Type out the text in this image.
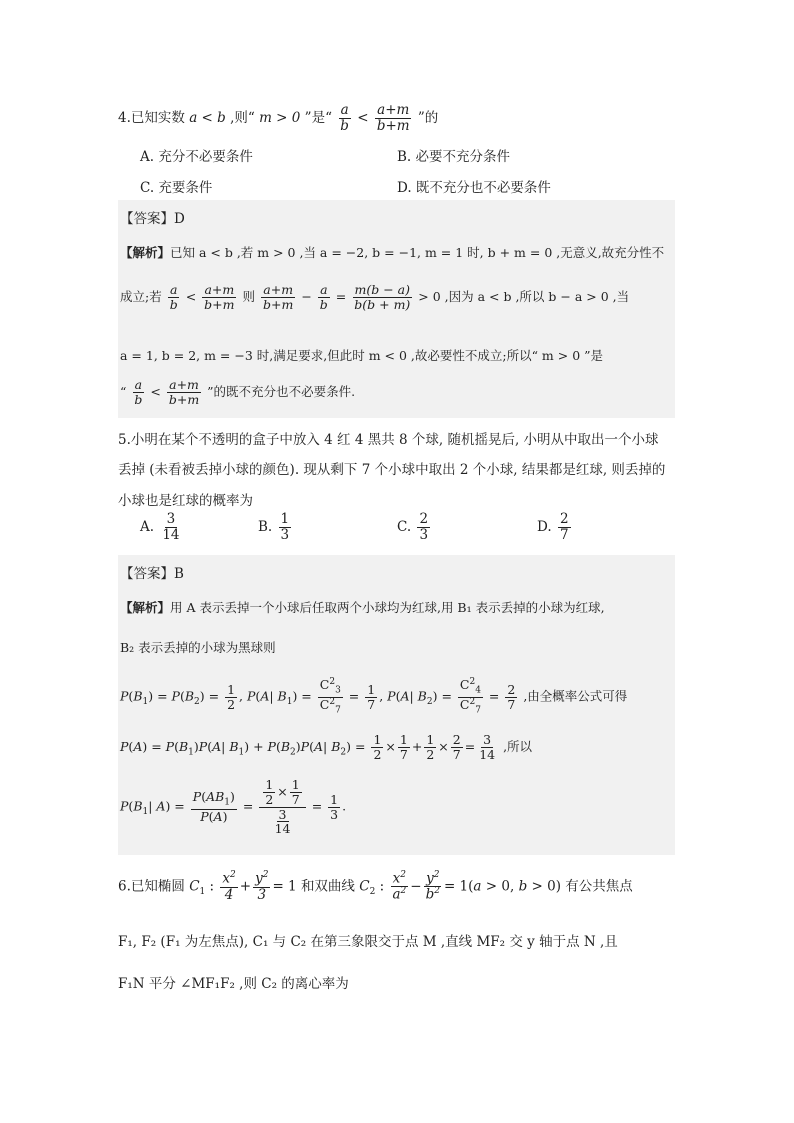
4.已知实数 a < b ,则“ m > 0 ”是“ $\frac{a}{b} < \frac{a+m}{b+m}$ ”的
A. 充分不必要条件	B. 必要不充分条件
C. 充要条件	D. 既不充分也不必要条件
【答案】D
【解析】已知 a < b ,若 m > 0 ,当 a = −2, b = −1, m = 1 时, b + m = 0 ,无意义,故充分性不
成立;若 $\frac{a}{b} < \frac{a+m}{b+m}$ 则 $\frac{a+m}{b+m} - \frac{a}{b} = \frac{m(b - a)}{b(b + m)} > 0$ ,因为 a < b ,所以 b − a > 0 ,当
a = 1, b = 2, m = −3 时,满足要求,但此时 m < 0 ,故必要性不成立;所以“ m > 0 ”是
“ $\frac{a}{b} < \frac{a+m}{b+m}$ ”的既不充分也不必要条件.
5.小明在某个不透明的盒子中放入 4 红 4 黑共 8 个球, 随机摇晃后, 小明从中取出一个小球
丢掉 (未看被丢掉小球的颜色). 现从剩下 7 个小球中取出 2 个小球, 结果都是红球, 则丢掉的
小球也是红球的概率为
A. $\frac{3}{14}$	B. $\frac{1}{3}$	C. $\frac{2}{3}$	D. $\frac{2}{7}$
【答案】B
【解析】用 A 表示丢掉一个小球后任取两个小球均为红球,用 B₁ 表示丢掉的小球为红球,
B₂ 表示丢掉的小球为黑球则
$P(B_1) = P(B_2) = \frac{1}{2}$ , P(A| $B_1) = \frac{C^2_3}{C^2_7} = \frac{1}{7}$ , P(A| $B_2) = \frac{C^2_4}{C^2_7} = \frac{2}{7}$ ,由全概率公式可得
$P(A) = P(B_1)P(A|$ $B_1) + P(B_2)P(A|$ $B_2) = \frac{1}{2} \times \frac{1}{7} + \frac{1}{2} \times \frac{2}{7} = \frac{3}{14}$ ,所以
$P(B_1|$ $A) = \frac{P(AB_1)}{P(A)} = \frac{\frac{1}{2} \times \frac{1}{7}}{\frac{3}{14}} = \frac{1}{3}$ .
6.已知椭圆 $C_1$ : $\frac{x^2}{4} + \frac{y^2}{3} = 1$ 和双曲线 $C_2$ : $\frac{x^2}{a^2} - \frac{y^2}{b^2} = 1(a > 0$, b > 0) 有公共焦点
F₁, F₂ (F₁ 为左焦点), C₁ 与 C₂ 在第三象限交于点 M ,直线 MF₂ 交 y 轴于点 N ,且
F₁N 平分 ∠MF₁F₂ ,则 C₂ 的离心率为
